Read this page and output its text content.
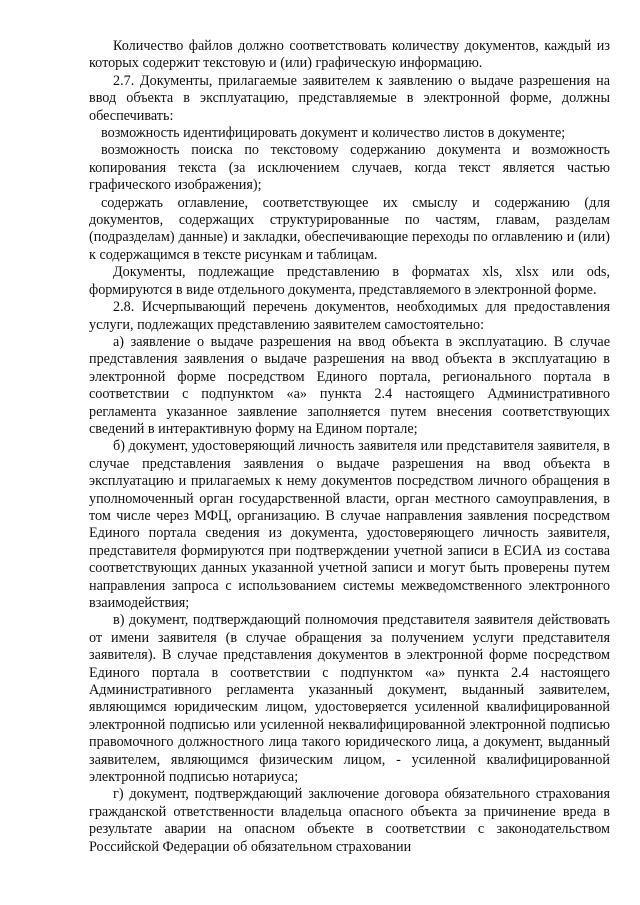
Количество файлов должно соответствовать количеству документов, каждый из которых содержит текстовую и (или) графическую информацию.

2.7. Документы, прилагаемые заявителем к заявлению о выдаче разрешения на ввод объекта в эксплуатацию, представляемые в электронной форме, должны обеспечивать:

возможность идентифицировать документ и количество листов в документе;

возможность поиска по текстовому содержанию документа и возможность копирования текста (за исключением случаев, когда текст является частью графического изображения);

содержать оглавление, соответствующее их смыслу и содержанию (для документов, содержащих структурированные по частям, главам, разделам (подразделам) данные) и закладки, обеспечивающие переходы по оглавлению и (или) к содержащимся в тексте рисункам и таблицам.

Документы, подлежащие представлению в форматах xls, xlsx или ods, формируются в виде отдельного документа, представляемого в электронной форме.

2.8. Исчерпывающий перечень документов, необходимых для предоставления услуги, подлежащих представлению заявителем самостоятельно:

а) заявление о выдаче разрешения на ввод объекта в эксплуатацию. В случае представления заявления о выдаче разрешения на ввод объекта в эксплуатацию в электронной форме посредством Единого портала, регионального портала в соответствии с подпунктом «а» пункта 2.4 настоящего Административного регламента указанное заявление заполняется путем внесения соответствующих сведений в интерактивную форму на Едином портале;

б) документ, удостоверяющий личность заявителя или представителя заявителя, в случае представления заявления о выдаче разрешения на ввод объекта в эксплуатацию и прилагаемых к нему документов посредством личного обращения в уполномоченный орган государственной власти, орган местного самоуправления, в том числе через МФЦ, организацию. В случае направления заявления посредством Единого портала сведения из документа, удостоверяющего личность заявителя, представителя формируются при подтверждении учетной записи в ЕСИА из состава соответствующих данных указанной учетной записи и могут быть проверены путем направления запроса с использованием системы межведомственного электронного взаимодействия;

в) документ, подтверждающий полномочия представителя заявителя действовать от имени заявителя (в случае обращения за получением услуги представителя заявителя). В случае представления документов в электронной форме посредством Единого портала в соответствии с подпунктом «а» пункта 2.4 настоящего Административного регламента указанный документ, выданный заявителем, являющимся юридическим лицом, удостоверяется усиленной квалифицированной электронной подписью или усиленной неквалифицированной электронной подписью правомочного должностного лица такого юридического лица, а документ, выданный заявителем, являющимся физическим лицом, - усиленной квалифицированной электронной подписью нотариуса;

г) документ, подтверждающий заключение договора обязательного страхования гражданской ответственности владельца опасного объекта за причинение вреда в результате аварии на опасном объекте в соответствии с законодательством Российской Федерации об обязательном страховании
